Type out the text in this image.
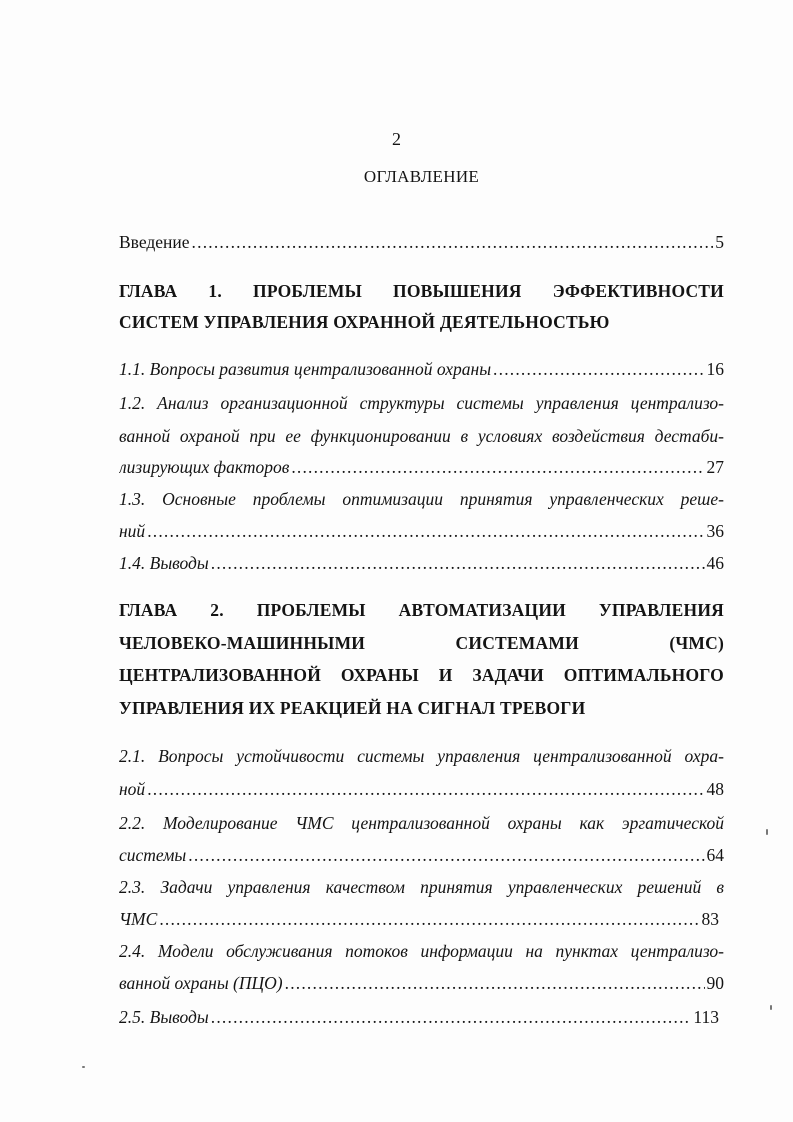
2
ОГЛАВЛЕНИЕ
Введение .....	5
ГЛАВА 1. ПРОБЛЕМЫ ПОВЫШЕНИЯ ЭФФЕКТИВНОСТИ
СИСТЕМ УПРАВЛЕНИЯ ОХРАННОЙ ДЕЯТЕЛЬНОСТЬЮ
1.1. Вопросы развития централизованной охраны .....	16
1.2. Анализ организационной структуры системы управления централизо-
ванной охраной при ее функционировании в условиях воздействия дестаби-
лизирующих факторов .....	27
1.3. Основные проблемы оптимизации принятия управленческих реше-
ний .....	36
1.4. Выводы .....	46
ГЛАВА 2. ПРОБЛЕМЫ АВТОМАТИЗАЦИИ УПРАВЛЕНИЯ
ЧЕЛОВЕКО-МАШИННЫМИ СИСТЕМАМИ (ЧМС)
ЦЕНТРАЛИЗОВАННОЙ ОХРАНЫ И ЗАДАЧИ ОПТИМАЛЬНОГО
УПРАВЛЕНИЯ ИХ РЕАКЦИЕЙ НА СИГНАЛ ТРЕВОГИ
2.1. Вопросы устойчивости системы управления централизованной охра-
ной .....	48
2.2. Моделирование ЧМС централизованной охраны как эргатической
системы .....	64
2.3. Задачи управления качеством принятия управленческих решений в
ЧМС .....	83
2.4. Модели обслуживания потоков информации на пунктах централизо-
ванной охраны (ПЦО) .....	90
2.5. Выводы .....	113
